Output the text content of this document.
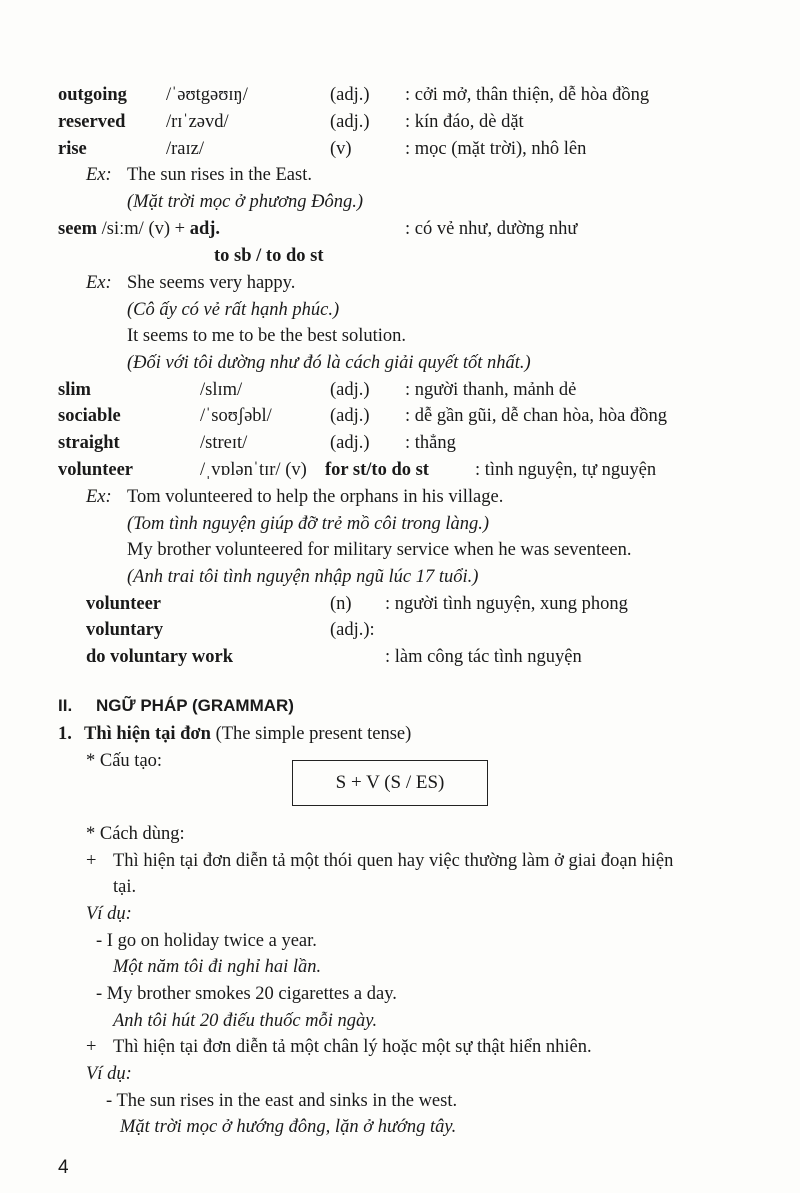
outgoing /ˈəʊtgəʊɪŋ/	(adj.) : cởi mở, thân thiện, dễ hòa đồng
reserved /rɪˈzəvd/	(adj.) : kín đáo, dè dặt
rise	/raɪz/	(v)	: mọc (mặt trời), nhô lên
Ex: The sun rises in the East.
(Mặt trời mọc ở phương Đông.)
seem /siːm/ (v) + adj.	: có vẻ như, dường như
to sb / to do st
Ex: She seems very happy.
(Cô ấy có vẻ rất hạnh phúc.)
It seems to me to be the best solution.
(Đối với tôi dường như đó là cách giải quyết tốt nhất.)
slim	/slɪm/	(adj.) : người thanh, mảnh dẻ
sociable	/ˈsoʊʃəbl/	(adj.) : dễ gần gũi, dễ chan hòa, hòa đồng
straight	/streɪt/	(adj.) : thẳng
volunteer	/ˌvɒlənˈtɪr/ (v) for st/to do st : tình nguyện, tự nguyện
Ex: Tom volunteered to help the orphans in his village.
(Tom tình nguyện giúp đỡ trẻ mồ côi trong làng.)
My brother volunteered for military service when he was seventeen.
(Anh trai tôi tình nguyện nhập ngũ lúc 17 tuổi.)
volunteer	(n) : người tình nguyện, xung phong
voluntary	(adj.):
do voluntary work	: làm công tác tình nguyện
II. NGỮ PHÁP (GRAMMAR)
1. Thì hiện tại đơn (The simple present tense)
* Cấu tạo:
S + V (S / ES)
* Cách dùng:
+ Thì hiện tại đơn diễn tả một thói quen hay việc thường làm ở giai đoạn hiện
tại.
Ví dụ:
- I go on holiday twice a year.
Một năm tôi đi nghỉ hai lần.
- My brother smokes 20 cigarettes a day.
Anh tôi hút 20 điếu thuốc mỗi ngày.
+ Thì hiện tại đơn diễn tả một chân lý hoặc một sự thật hiển nhiên.
Ví dụ:
- The sun rises in the east and sinks in the west.
Mặt trời mọc ở hướng đông, lặn ở hướng tây.
4
